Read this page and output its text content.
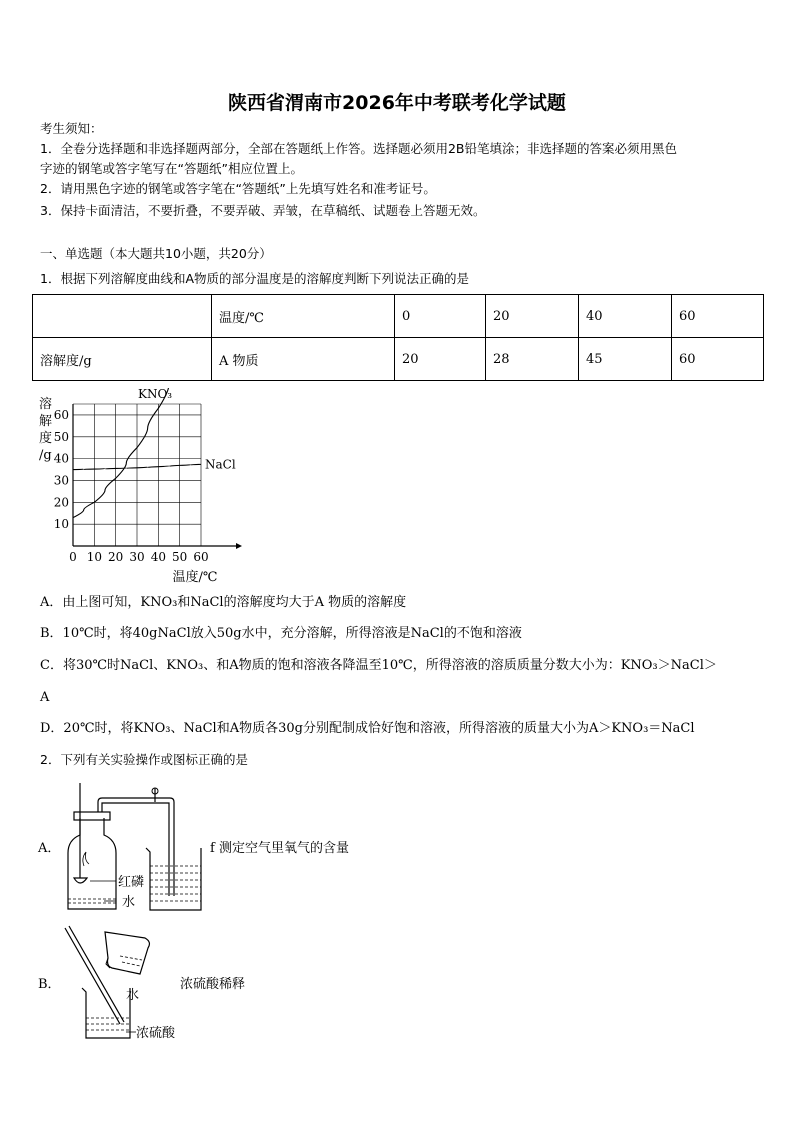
陕西省渭南市2026年中考联考化学试题
考生须知：
1．全卷分选择题和非选择题两部分，全部在答题纸上作答。选择题必须用2B铅笔填涂；非选择题的答案必须用黑色
字迹的钢笔或答字笔写在“答题纸”相应位置上。
2．请用黑色字迹的钢笔或答字笔在“答题纸”上先填写姓名和准考证号。
3．保持卡面清洁，不要折叠，不要弄破、弄皱，在草稿纸、试题卷上答题无效。
一、单选题（本大题共10小题，共20分）
1．根据下列溶解度曲线和A物质的部分温度是的溶解度判断下列说法正确的是
	温度/℃	0	20	40	60
溶解度/g	A 物质	20	28	45	60
0 10 20 30 40 50 60
10
20
30
40
50
60
溶
解
度
/g
温度/℃
KNO₃
NaCl
A．由上图可知，KNO₃和NaCl的溶解度均大于A 物质的溶解度
B．10℃时，将40gNaCl放入50g水中，充分溶解，所得溶液是NaCl的不饱和溶液
C．将30℃时NaCl、KNO₃、和A物质的饱和溶液各降温至10℃，所得溶液的溶质质量分数大小为：KNO₃＞NaCl＞
A
D．20℃时，将KNO₃、NaCl和A物质各30g分别配制成恰好饱和溶液，所得溶液的质量大小为A＞KNO₃＝NaCl
2．下列有关实验操作或图标正确的是
A．
红磷
水
f 测定空气里氧气的含量
B．
水
浓硫酸
浓硫酸稀释
